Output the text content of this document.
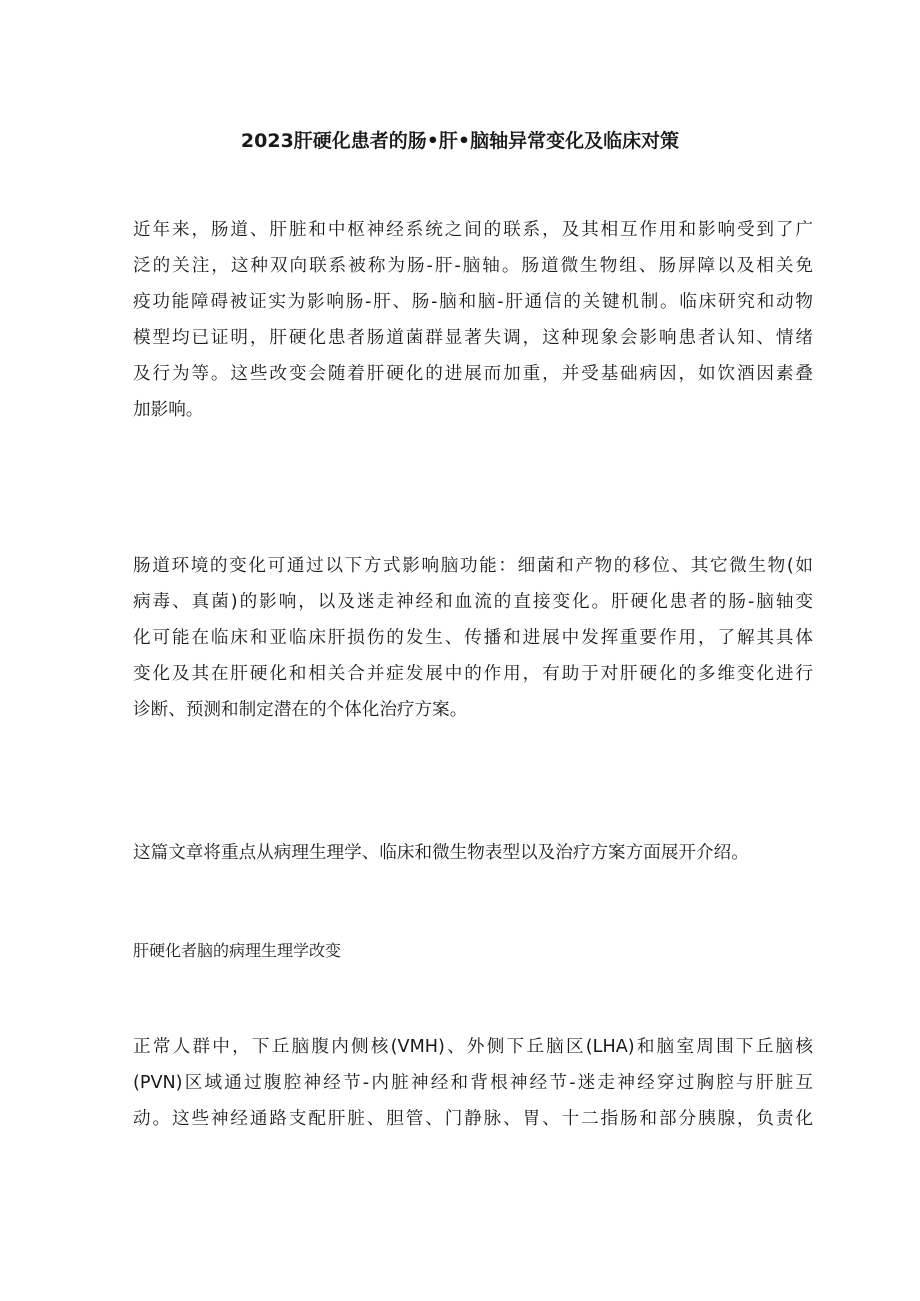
2023肝硬化患者的肠•肝•脑轴异常变化及临床对策
近年来，肠道、肝脏和中枢神经系统之间的联系，及其相互作用和影响受到了广
泛的关注，这种双向联系被称为肠-肝-脑轴。肠道微生物组、肠屏障以及相关免
疫功能障碍被证实为影响肠-肝、肠-脑和脑-肝通信的关键机制。临床研究和动物
模型均已证明，肝硬化患者肠道菌群显著失调，这种现象会影响患者认知、情绪
及行为等。这些改变会随着肝硬化的进展而加重，并受基础病因，如饮酒因素叠
加影响。
肠道环境的变化可通过以下方式影响脑功能：细菌和产物的移位、其它微生物(如
病毒、真菌)的影响，以及迷走神经和血流的直接变化。肝硬化患者的肠-脑轴变
化可能在临床和亚临床肝损伤的发生、传播和进展中发挥重要作用，了解其具体
变化及其在肝硬化和相关合并症发展中的作用，有助于对肝硬化的多维变化进行
诊断、预测和制定潜在的个体化治疗方案。
这篇文章将重点从病理生理学、临床和微生物表型以及治疗方案方面展开介绍。
肝硬化者脑的病理生理学改变
正常人群中，下丘脑腹内侧核(VMH)、外侧下丘脑区(LHA)和脑室周围下丘脑核
(PVN)区域通过腹腔神经节-内脏神经和背根神经节-迷走神经穿过胸腔与肝脏互
动。这些神经通路支配肝脏、胆管、门静脉、胃、十二指肠和部分胰腺，负责化
